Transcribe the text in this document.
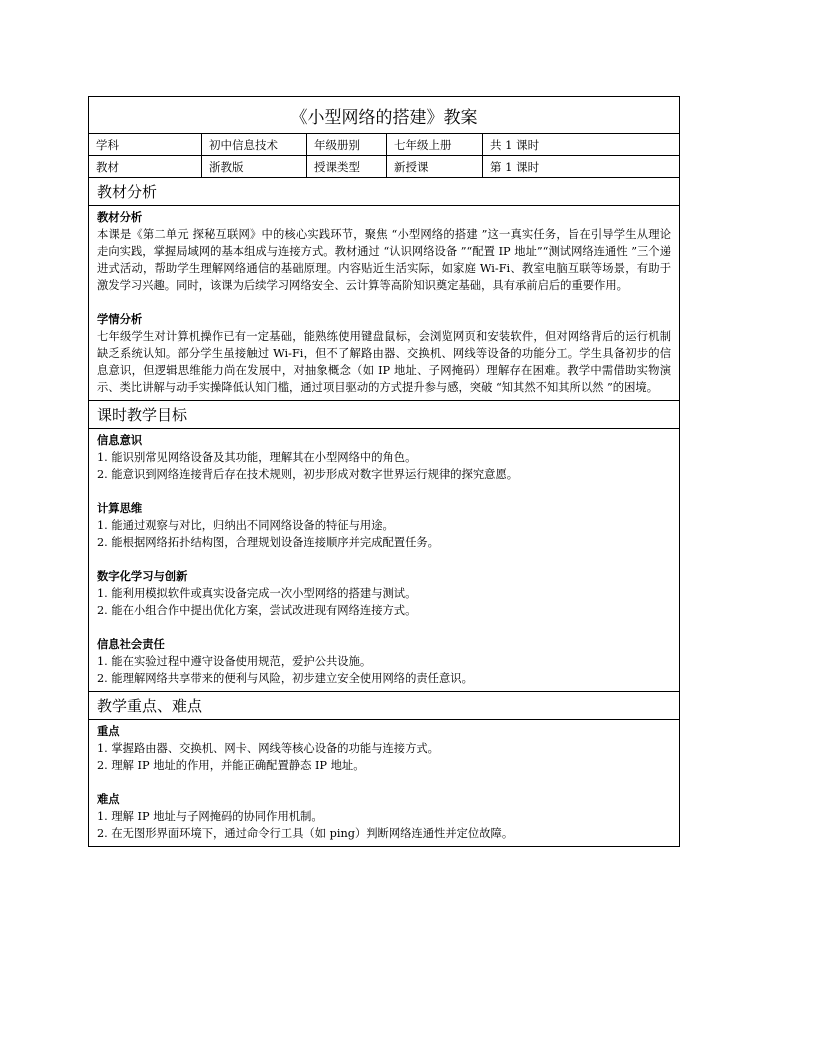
《小型网络的搭建》教案
学科	初中信息技术	年级册别	七年级上册	共 1 课时
教材	浙教版	授课类型	新授课	第 1 课时
教材分析
教材分析
本课是《第二单元 探秘互联网》中的核心实践环节，聚焦 “小型网络的搭建 ”这一真实任务，旨在引导学生从理论走向实践，掌握局域网的基本组成与连接方式。教材通过 “认识网络设备 ”“配置 IP 地址”“测试网络连通性 ”三个递进式活动，帮助学生理解网络通信的基础原理。内容贴近生活实际，如家庭 Wi-Fi、教室电脑互联等场景，有助于激发学习兴趣。同时，该课为后续学习网络安全、云计算等高阶知识奠定基础，具有承前启后的重要作用。
学情分析
七年级学生对计算机操作已有一定基础，能熟练使用键盘鼠标，会浏览网页和安装软件，但对网络背后的运行机制缺乏系统认知。部分学生虽接触过 Wi-Fi，但不了解路由器、交换机、网线等设备的功能分工。学生具备初步的信息意识，但逻辑思维能力尚在发展中，对抽象概念（如 IP 地址、子网掩码）理解存在困难。教学中需借助实物演示、类比讲解与动手实操降低认知门槛，通过项目驱动的方式提升参与感，突破 “知其然不知其所以然 ”的困境。
课时教学目标
信息意识
1. 能识别常见网络设备及其功能，理解其在小型网络中的角色。
2. 能意识到网络连接背后存在技术规则，初步形成对数字世界运行规律的探究意愿。
计算思维
1. 能通过观察与对比，归纳出不同网络设备的特征与用途。
2. 能根据网络拓扑结构图，合理规划设备连接顺序并完成配置任务。
数字化学习与创新
1. 能利用模拟软件或真实设备完成一次小型网络的搭建与测试。
2. 能在小组合作中提出优化方案，尝试改进现有网络连接方式。
信息社会责任
1. 能在实验过程中遵守设备使用规范，爱护公共设施。
2. 能理解网络共享带来的便利与风险，初步建立安全使用网络的责任意识。
教学重点、难点
重点
1. 掌握路由器、交换机、网卡、网线等核心设备的功能与连接方式。
2. 理解 IP 地址的作用，并能正确配置静态 IP 地址。
难点
1. 理解 IP 地址与子网掩码的协同作用机制。
2. 在无图形界面环境下，通过命令行工具（如 ping）判断网络连通性并定位故障。
